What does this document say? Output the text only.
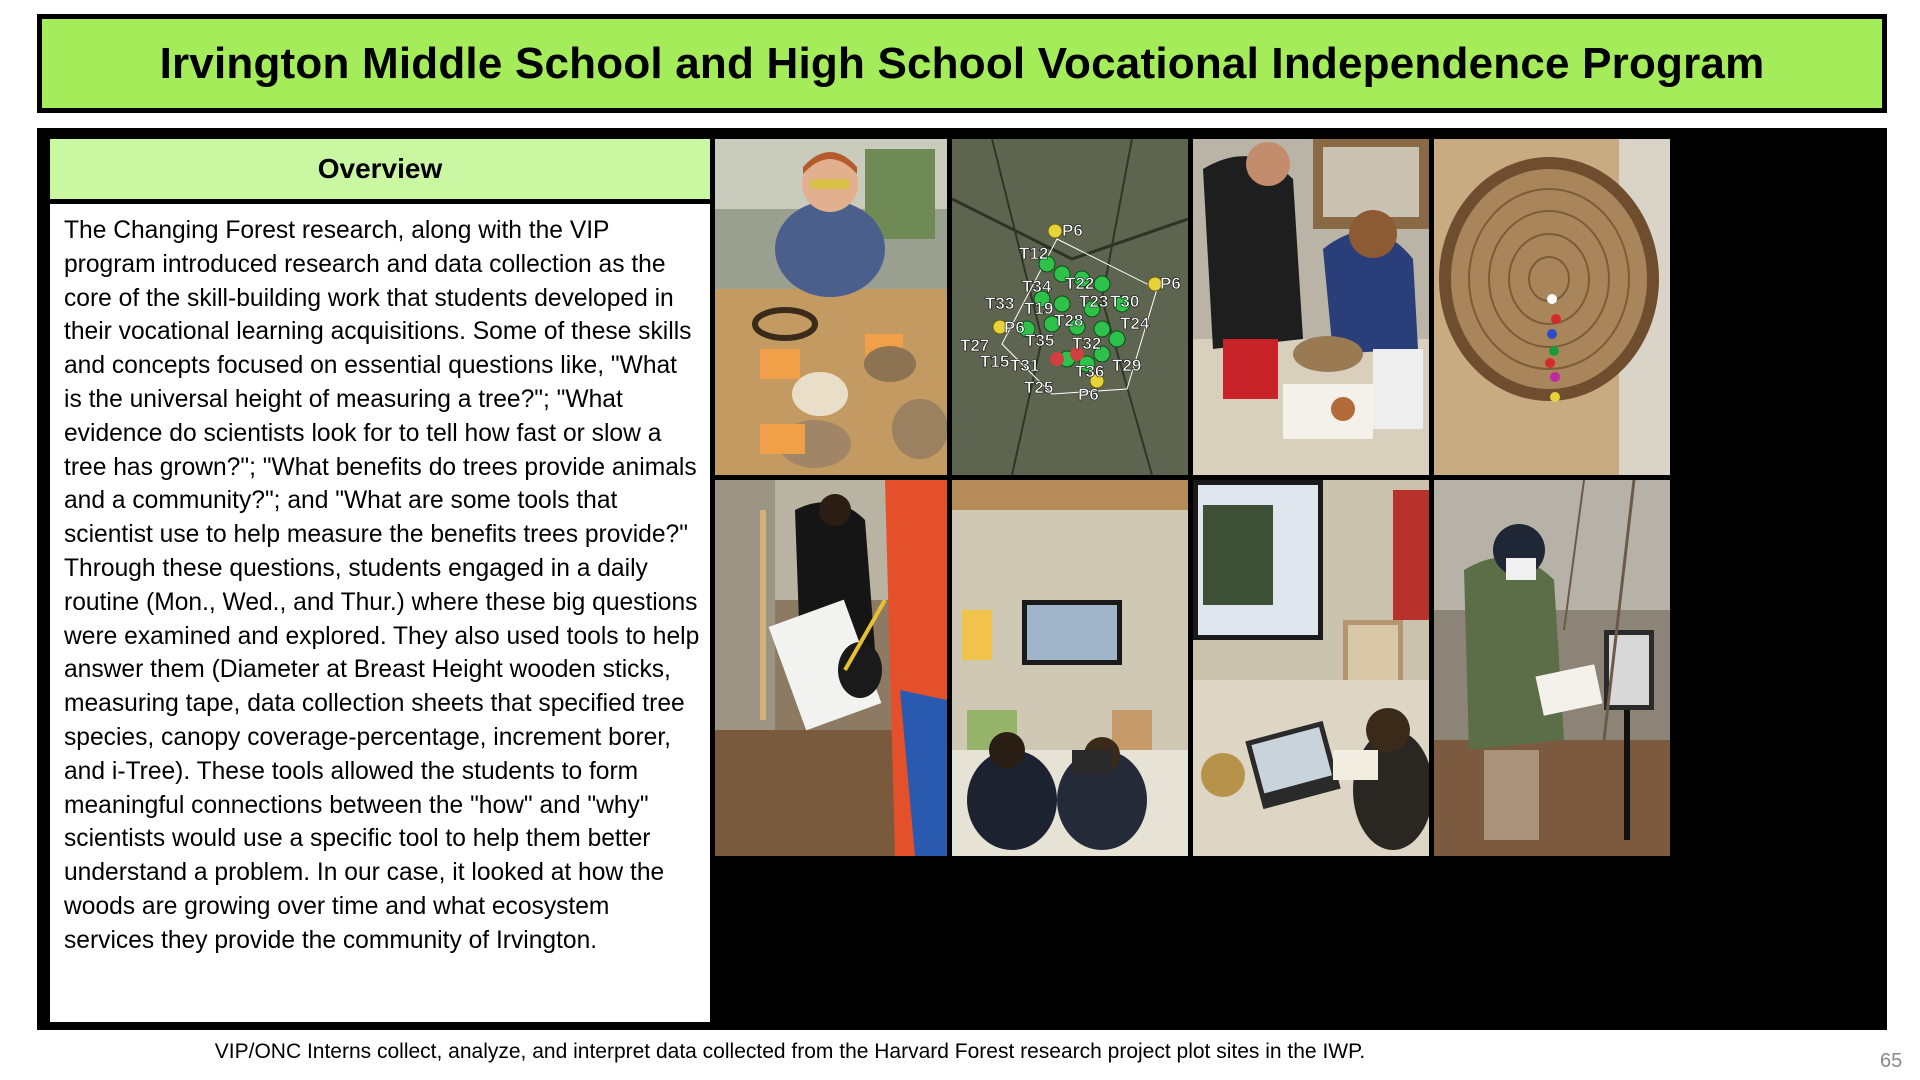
Irvington Middle School and High School Vocational Independence Program
Overview
The Changing Forest research, along with the VIP program introduced research and data collection as the core of the skill-building work that students developed in their vocational learning acquisitions. Some of these skills and concepts focused on essential questions like, "What is the universal height of measuring a tree?"; "What evidence do scientists look for to tell how fast or slow a tree has grown?"; "What benefits do trees provide animals and a community?"; and "What are some tools that scientist use to help measure the benefits trees provide?" Through these questions, students engaged in a daily routine (Mon., Wed., and Thur.) where these big questions were examined and explored. They also used tools to help answer them (Diameter at Breast Height wooden sticks, measuring tape, data collection sheets that specified tree species, canopy coverage-percentage, increment borer, and i-Tree). These tools allowed the students to form meaningful connections between the "how" and "why" scientists would use a specific tool to help them better understand a problem. In our case, it looked at how the woods are growing over time and what ecosystem services they provide the community of Irvington.
P6
T12
T22	P6
T34
T23 T30
T33 T19
T28 T24
P6
T35 T32
T27
T15 T31 T36 T29
T25 P6
VIP/ONC Interns collect, analyze, and interpret data collected from the Harvard Forest research project plot sites in the IWP.	65
